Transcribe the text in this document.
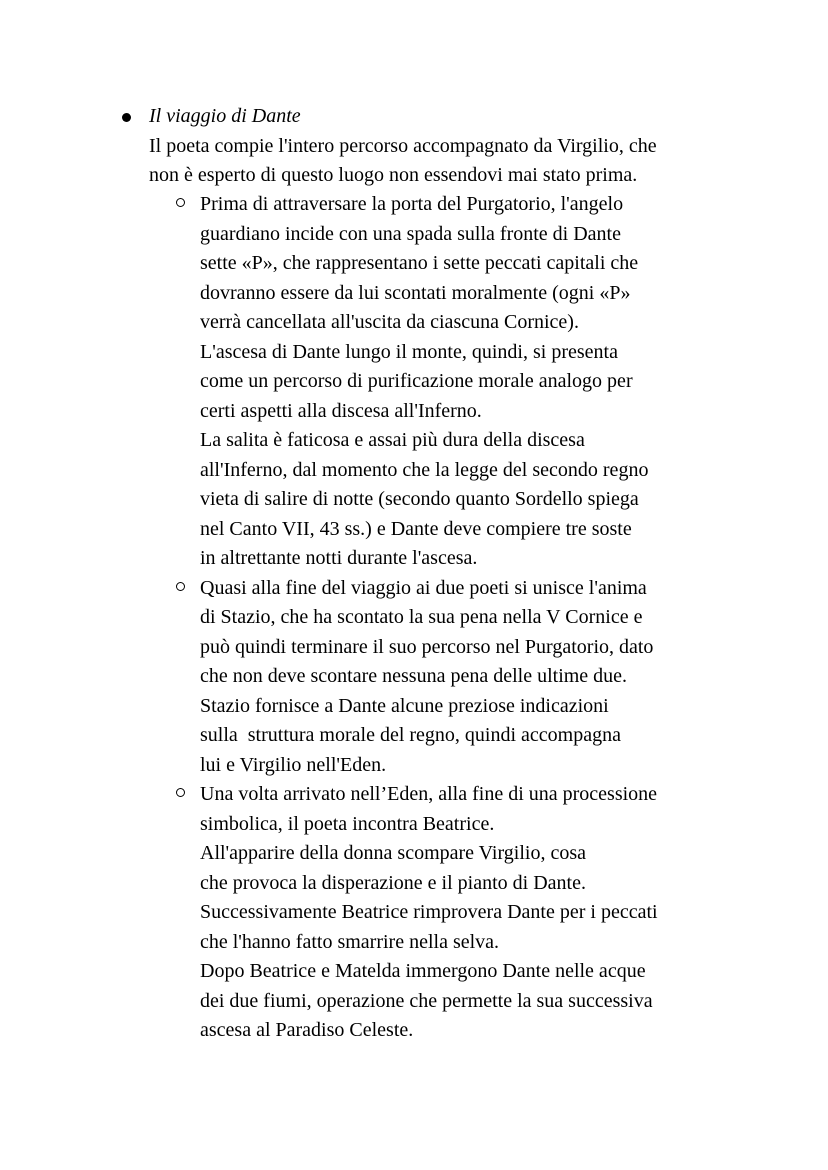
Il viaggio di Dante
Il poeta compie l'intero percorso accompagnato da Virgilio, che
non è esperto di questo luogo non essendovi mai stato prima.
Prima di attraversare la porta del Purgatorio, l'angelo
guardiano incide con una spada sulla fronte di Dante
sette «P», che rappresentano i sette peccati capitali che
dovranno essere da lui scontati moralmente (ogni «P»
verrà cancellata all'uscita da ciascuna Cornice).
L'ascesa di Dante lungo il monte, quindi, si presenta
come un percorso di purificazione morale analogo per
certi aspetti alla discesa all'Inferno.
La salita è faticosa e assai più dura della discesa
all'Inferno, dal momento che la legge del secondo regno
vieta di salire di notte (secondo quanto Sordello spiega
nel Canto VII, 43 ss.) e Dante deve compiere tre soste
in altrettante notti durante l'ascesa.
Quasi alla fine del viaggio ai due poeti si unisce l'anima
di Stazio, che ha scontato la sua pena nella V Cornice e
può quindi terminare il suo percorso nel Purgatorio, dato
che non deve scontare nessuna pena delle ultime due.
Stazio fornisce a Dante alcune preziose indicazioni
sulla  struttura morale del regno, quindi accompagna
lui e Virgilio nell'Eden.
Una volta arrivato nell’Eden, alla fine di una processione
simbolica, il poeta incontra Beatrice.
All'apparire della donna scompare Virgilio, cosa
che provoca la disperazione e il pianto di Dante.
Successivamente Beatrice rimprovera Dante per i peccati
che l'hanno fatto smarrire nella selva.
Dopo Beatrice e Matelda immergono Dante nelle acque
dei due fiumi, operazione che permette la sua successiva
ascesa al Paradiso Celeste.
